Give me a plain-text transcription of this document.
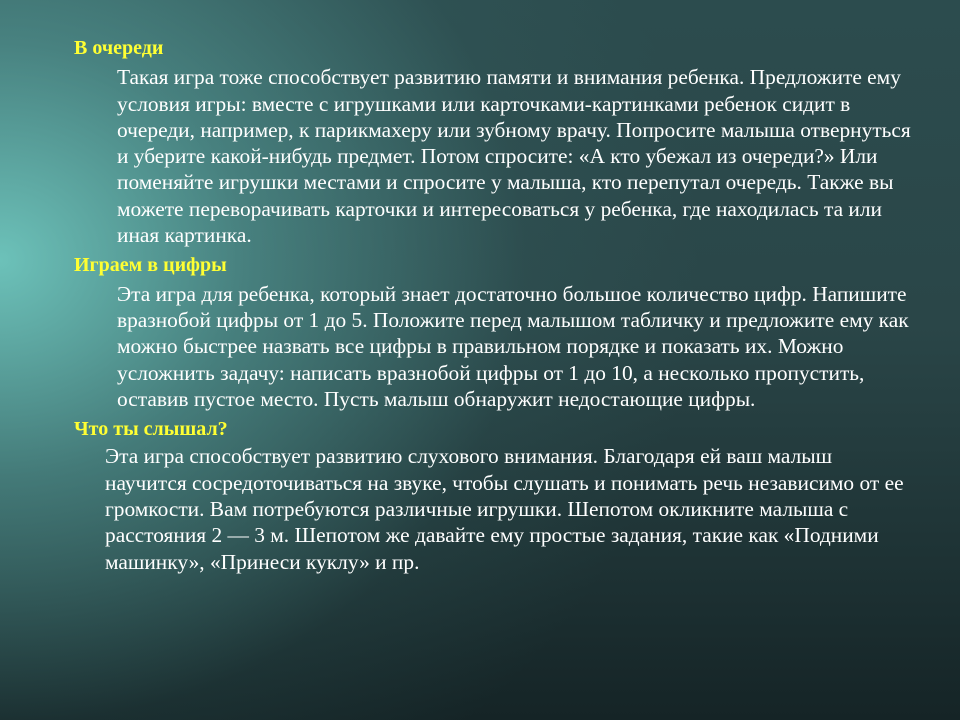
В очереди

Такая игра тоже способствует развитию памяти и внимания ребенка. Предложите ему условия игры: вместе с игрушками или карточками-картинками ребенок сидит в очереди, например, к парикмахеру или зубному врачу. Попросите малыша отвернуться и уберите какой-нибудь предмет. Потом спросите: «А кто убежал из очереди?» Или поменяйте игрушки местами и спросите у малыша, кто перепутал очередь. Также вы можете переворачивать карточки и интересоваться у ребенка, где находилась та или иная картинка.

Играем в цифры

Эта игра для ребенка, который знает достаточно большое количество цифр. Напишите вразнобой цифры от 1 до 5. Положите перед малышом табличку и предложите ему как можно быстрее назвать все цифры в правильном порядке и показать их. Можно усложнить задачу: написать вразнобой цифры от 1 до 10, а несколько пропустить, оставив пустое место. Пусть малыш обнаружит недостающие цифры.

Что ты слышал?

Эта игра способствует развитию слухового внимания. Благодаря ей ваш малыш научится сосредоточиваться на звуке, чтобы слушать и понимать речь независимо от ее громкости. Вам потребуются различные игрушки. Шепотом окликните малыша с расстояния 2 — 3 м. Шепотом же давайте ему простые задания, такие как «Подними машинку», «Принеси куклу» и пр.
